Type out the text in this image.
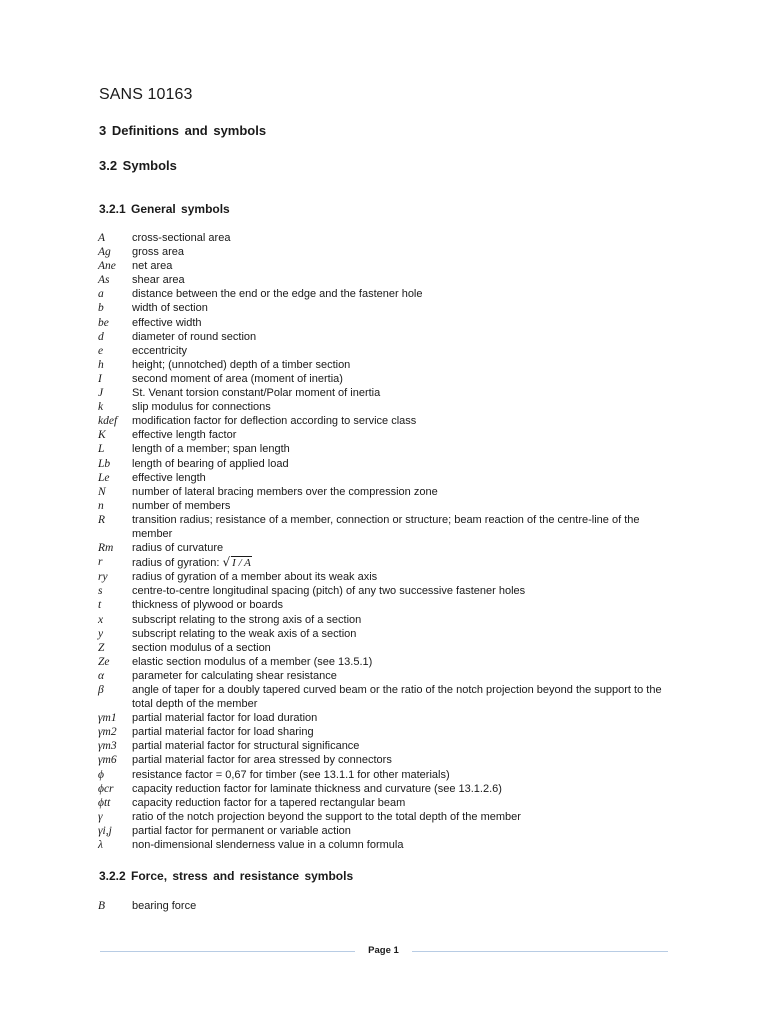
SANS 10163
3 Definitions and symbols
3.2 Symbols
3.2.1 General symbols
A	cross-sectional area
Ag	gross area
Ane	net area
As	shear area
a	distance between the end or the edge and the fastener hole
b	width of section
be	effective width
d	diameter of round section
e	eccentricity
h	height; (unnotched) depth of a timber section
I	second moment of area (moment of inertia)
J	St. Venant torsion constant/Polar moment of inertia
k	slip modulus for connections
kdef	modification factor for deflection according to service class
K	effective length factor
L	length of a member; span length
Lb	length of bearing of applied load
Le	effective length
N	number of lateral bracing members over the compression zone
n	number of members
R	transition radius; resistance of a member, connection or structure; beam reaction of the centre-line of the member
Rm	radius of curvature
r	radius of gyration: √ I / A
ry	radius of gyration of a member about its weak axis
s	centre-to-centre longitudinal spacing (pitch) of any two successive fastener holes
t	thickness of plywood or boards
x	subscript relating to the strong axis of a section
y	subscript relating to the weak axis of a section
Z	section modulus of a section
Ze	elastic section modulus of a member (see 13.5.1)
α	parameter for calculating shear resistance
β	angle of taper for a doubly tapered curved beam or the ratio of the notch projection beyond the support to the total depth of the member
γm1	partial material factor for load duration
γm2	partial material factor for load sharing
γm3	partial material factor for structural significance
γm6	partial material factor for area stressed by connectors
ϕ	resistance factor = 0,67 for timber (see 13.1.1 for other materials)
ϕcr	capacity reduction factor for laminate thickness and curvature (see 13.1.2.6)
ϕtt	capacity reduction factor for a tapered rectangular beam
γ	ratio of the notch projection beyond the support to the total depth of the member
γi,j	partial factor for permanent or variable action
λ	non-dimensional slenderness value in a column formula
3.2.2 Force, stress and resistance symbols
B	bearing force
Page 1
